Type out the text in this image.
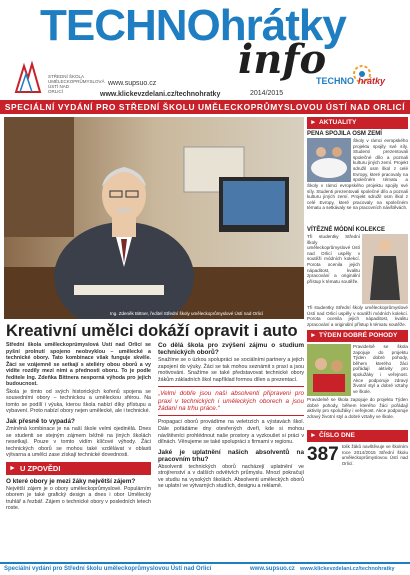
TECHNOhrátky
info
STŘEDNÍ ŠKOLA UMĚLECKOPRŮMYSLOVÁ ÚSTÍ NAD ORLICÍ
www.supsuo.cz
www.klickevzdelani.cz/technohratky	2014/2015
TECHNO hrátky
SPECIÁLNÍ VYDÁNÍ PRO STŘEDNÍ ŠKOLU UMĚLECKOPRŮMYSLOVOU ÚSTÍ NAD ORLICÍ
Ing. Zdeněk Bittner, ředitel Střední školy uměleckoprůmyslové Ústí nad Orlicí
Kreativní umělci dokáží opravit i auto

Střední škola uměleckoprůmyslová Ústí nad Orlicí se pyšní prolnutí spojeno neobvyklou – umělecké a technické obory. Tato kombinace však funguje skvěle. Žáci se vzájemně se setkají s ateliéry obou oborů a vy vidíte rozdíly mezi nimi a přednosti oboru. To je podle ředitele Ing. Zdeňka Bittnera nesporná výhoda pro jejich budoucnost.

Škola je tímto od svých historických kořenů spojena se sousedními obory – technickou a uměleckou sférou. Na tomto se podílí i výuka, kterou škola nabízí díky přístupu a vybavení. Proto nabízí obory nejen umělecké, ale i technické.

Jak přesně to vypadá?

Zmíněná kombinace je na naší škole velmi ojedinělá. Dnes se studenti se stejným zájmem běžně na jiných školách nesetkají. Pouze v tomto vidím klíčové výhody. Žáci technických oborů se mohou také vzdělávat v oblasti výtvarna a umělci zase získají technické dovednosti.

► U ZPOVĚDI
O které obory je mezi žáky největší zájem?

Největší zájem je o obory uměleckoprůmyslové. Populárním oborem je také grafický design a dnes i obor Umělecký truhlář a řezbář. Zájem o technické obory v posledních letech roste.

Co dělá škola pro zvýšení zájmu o studium technických oborů?

Snažíme se o úzkou spolupráci se sociálními partnery a jejich zapojení do výuky. Žáci se tak mohou seznámit s praxí a jsou motivováni. Snažíme se také představovat technické obory žákům základních škol například formou dílen a prezentací.

„Velmi dobře jsou naši absolventi připraveni pro praxi v technických i uměleckých oborech a jsou žádaní na trhu práce.“

Propagaci oborů provádíme na veletrzích a výstavách škol. Dále pořádáme dny otevřených dveří, kde si mohou návštěvníci prohlédnout naše prostory a vyzkoušet si práci v dílnách. Věnujeme se také spolupráci s firmami v regionu.

Jaké je uplatnění našich absolventů na pracovním trhu?

Absolventi technických oborů nacházejí uplatnění ve strojírenství a v dalších odvětvích průmyslu. Mnozí pokračují ve studiu na vysokých školách. Absolventi uměleckých oborů se uplatní ve výtvarných studiích, designu a reklamě.

► AKTUALITY
PENA SPOJILA OSM ZEMÍ
Školy v rámci evropského projektu spojily své síly. Studenti prezentovali společné dílo a poznali kulturu jiných zemí. Projekt sdružil osm škol z celé Evropy, které pracovaly na společném tématu a
Školy v rámci evropského projektu spojily své síly. Studenti prezentovali společné dílo a poznali kulturu jiných zemí. Projekt sdružil osm škol z celé Evropy, které pracovaly na společném tématu a setkávaly se na pracovních návštěvách.
VÍTĚZNÉ MÓDNÍ KOLEKCE
Tři studentky Střední školy uměleckoprůmyslové Ústí nad Orlicí uspěly v soutěži módních kolekcí. Porota ocenila jejich nápaditost, kvalitu zpracování a originální přístup k tématu soutěže.
Tři studentky Střední školy uměleckoprůmyslové Ústí nad Orlicí uspěly v soutěži módních kolekcí. Porota ocenila jejich nápaditost, kvalitu zpracování a originální přístup k tématu soutěže.
► TÝDEN DOBRÉ POHODY
Pravidelně se škola zapojuje do projektu Týden dobré pohody, během kterého žáci pořádají aktivity pro spolužáky i veřejnost. Akce podporuje zdravý životní styl a dobré vztahy ve škole.
Pravidelně se škola zapojuje do projektu Týden dobré pohody, během kterého žáci pořádají aktivity pro spolužáky i veřejnost. Akce podporuje zdravý životní styl a dobré vztahy ve škole.
► ČÍSLO DNE
387 tolik žáků navštěvuje ve školním roce 2014/2015 Střední školu uměleckoprůmyslovou Ústí nad Orlicí.
Speciální vydání pro Střední školu uměleckoprůmyslovou Ústí nad Orlicí	www.supsuo.cz www.klickevzdelani.cz/technohratky
